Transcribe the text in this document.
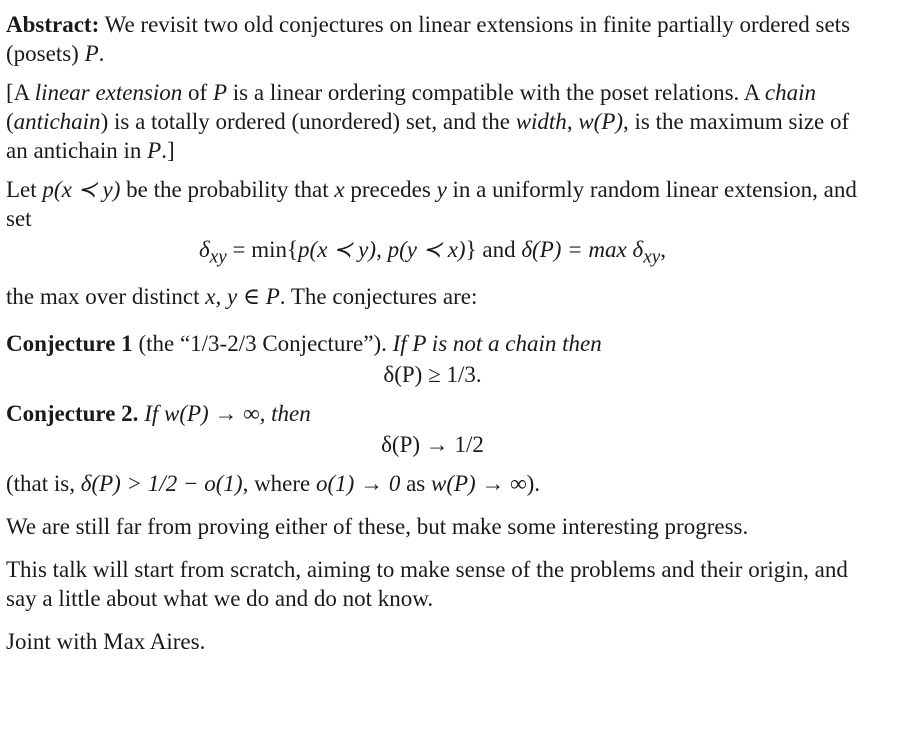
Abstract: We revisit two old conjectures on linear extensions in finite partially ordered sets (posets) P.

[A linear extension of P is a linear ordering compatible with the poset relations. A chain (antichain) is a totally ordered (unordered) set, and the width, w(P), is the maximum size of an antichain in P.]

Let p(x ≺ y) be the probability that x precedes y in a uniformly random linear extension, and set

$\delta_{xy} = \min\{p(x$ ≺ y), p(y ≺ x)} and $\delta(P) = \max \delta_{xy}$,

the max over distinct x, y ∈ P. The conjectures are:

Conjecture 1 (the “1/3-2/3 Conjecture”). If P is not a chain then

δ(P) ≥ 1/3.

Conjecture 2. If w(P) → ∞, then

δ(P) → 1/2

(that is, δ(P) > 1/2 − o(1), where o(1) → 0 as w(P) → ∞).

We are still far from proving either of these, but make some interesting progress.

This talk will start from scratch, aiming to make sense of the problems and their origin, and say a little about what we do and do not know.

Joint with Max Aires.
